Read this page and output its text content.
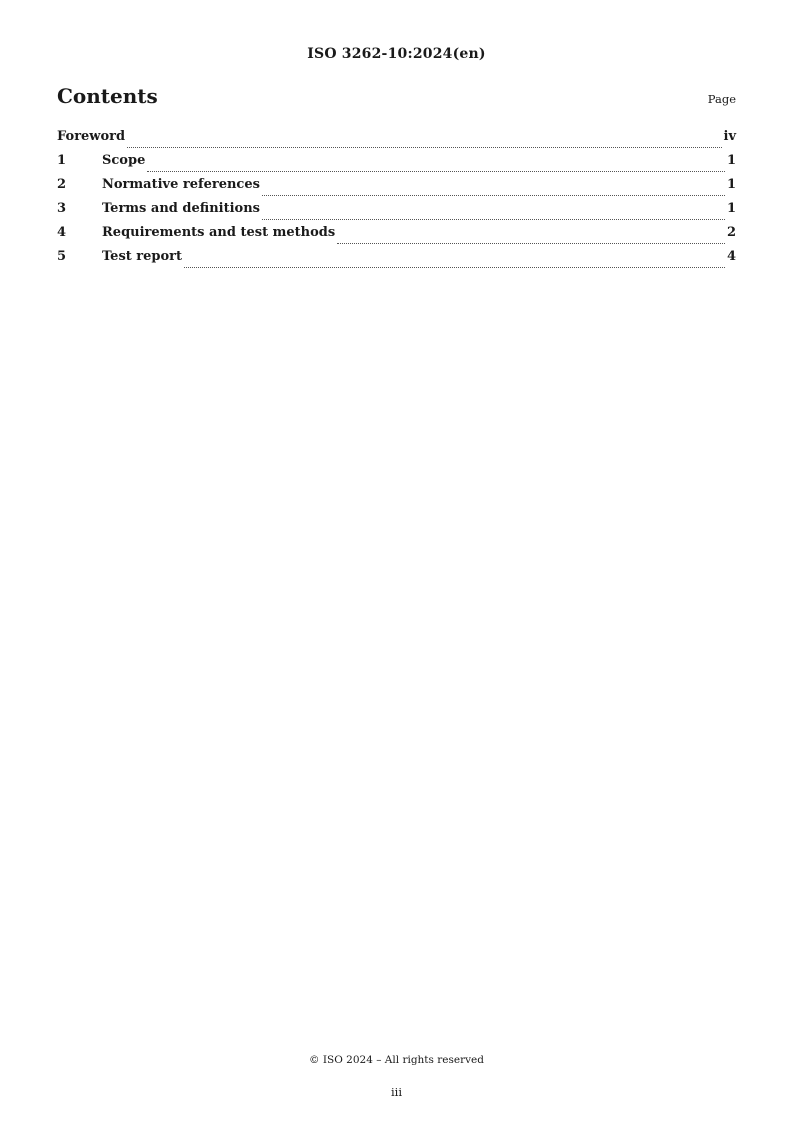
ISO 3262-10:2024(en)
Contents	Page
Foreword	iv
1	Scope	1
2	Normative references	1
3	Terms and definitions	1
4	Requirements and test methods	2
5	Test report	4
© ISO 2024 – All rights reserved
iii
